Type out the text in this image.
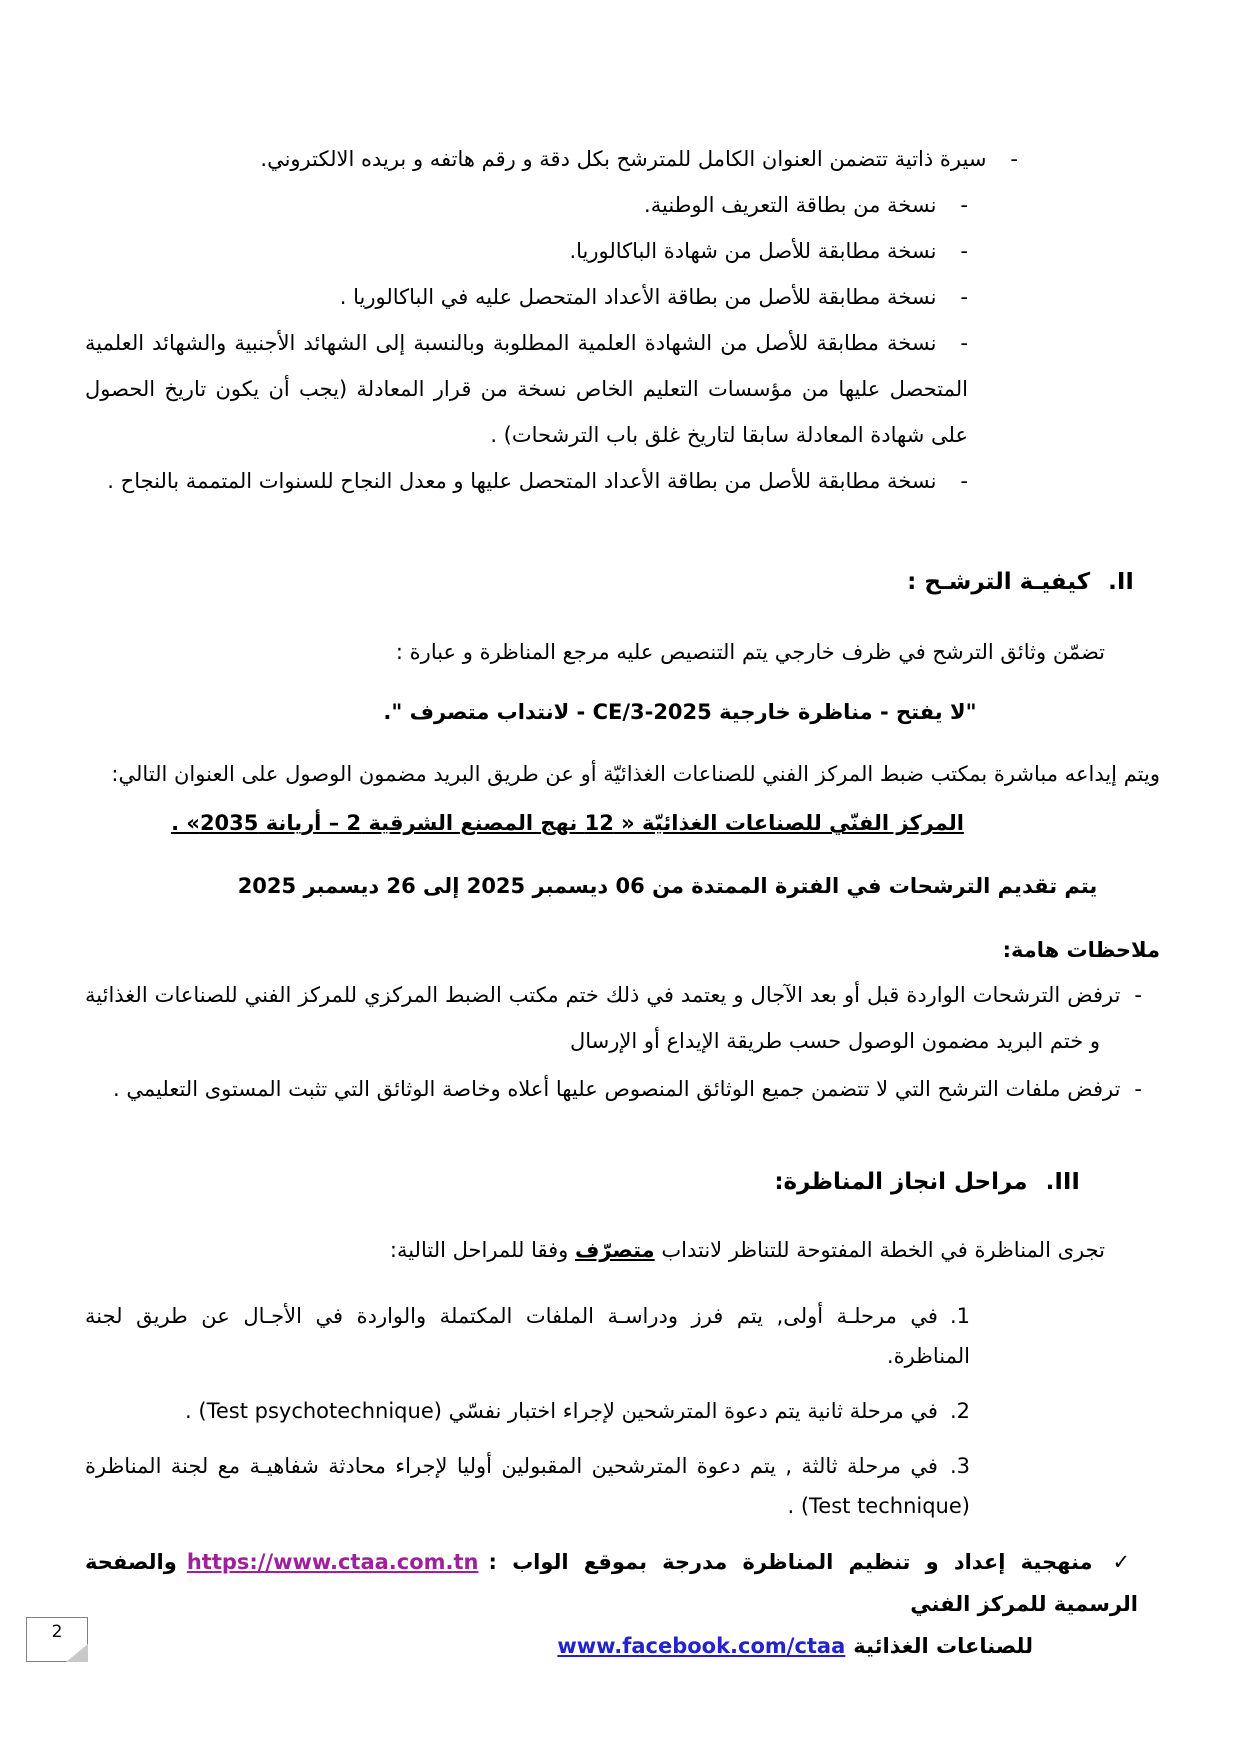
-سيرة ذاتية تتضمن العنوان الكامل للمترشح بكل دقة و رقم هاتفه و بريده الالكتروني.
-نسخة من بطاقة التعريف الوطنية.
-نسخة مطابقة للأصل من شهادة الباكالوريا.
-نسخة مطابقة للأصل من بطاقة الأعداد المتحصل عليه في الباكالوريا .
-نسخة مطابقة للأصل من الشهادة العلمية المطلوبة وبالنسبة إلى الشهائد الأجنبية والشهائد العلمية المتحصل عليها من مؤسسات التعليم الخاص نسخة من قرار المعادلة (يجب أن يكون تاريخ الحصول على شهادة المعادلة سابقا لتاريخ غلق باب الترشحات) .
-نسخة مطابقة للأصل من بطاقة الأعداد المتحصل عليها و معدل النجاح للسنوات المتممة بالنجاح .
II.
كيفيـة الترشـح :
تضمّن وثائق الترشح في ظرف خارجي يتم التنصيص عليه مرجع المناظرة و عبارة :
"لا يفتح - مناظرة خارجية CE/3-2025 - لانتداب متصرف ".
ويتم إيداعه مباشرة بمكتب ضبط المركز الفني للصناعات الغذائيّة أو عن طريق البريد مضمون الوصول على العنوان التالي:
المركز الفنّي للصناعات الغذائيّة « 12 نهج المصنع الشرقية 2 – أريانة 2035» .
يتم تقديم الترشحات في الفترة الممتدة من 06 ديسمبر 2025 إلى 26 ديسمبر 2025
ملاحظات هامة:
-ترفض الترشحات الواردة قبل أو بعد الآجال و يعتمد في ذلك ختم مكتب الضبط المركزي للمركز الفني للصناعات الغذائية و ختم البريد مضمون الوصول حسب طريقة الإيداع أو الإرسال
-ترفض ملفات الترشح التي لا تتضمن جميع الوثائق المنصوص عليها أعلاه وخاصة الوثائق التي تثبت المستوى التعليمي .
III.
مراحل انجاز المناظرة:
تجرى المناظرة في الخطة المفتوحة للتناظر لانتداب متصرّف وفقا للمراحل التالية:
1.في مرحلـة أولى, يتم فرز ودراسـة الملفات المكتملة والواردة في الأجـال عن طريق لجنة المناظرة.
2.في مرحلة ثانية يتم دعوة المترشحين لإجراء اختبار نفسّي (Test psychotechnique) .
3.في مرحلة ثالثة , يتم دعوة المترشحين المقبولين أوليا لإجراء محادثة شفاهيـة مع لجنة المناظرة (Test technique) .
✓منهجية إعداد و تنظيم المناظرة مدرجة بموقع الواب :https://www.ctaa.com.tnوالصفحة الرسمية للمركز الفني
للصناعات الغذائيةwww.facebook.com/ctaa
2
